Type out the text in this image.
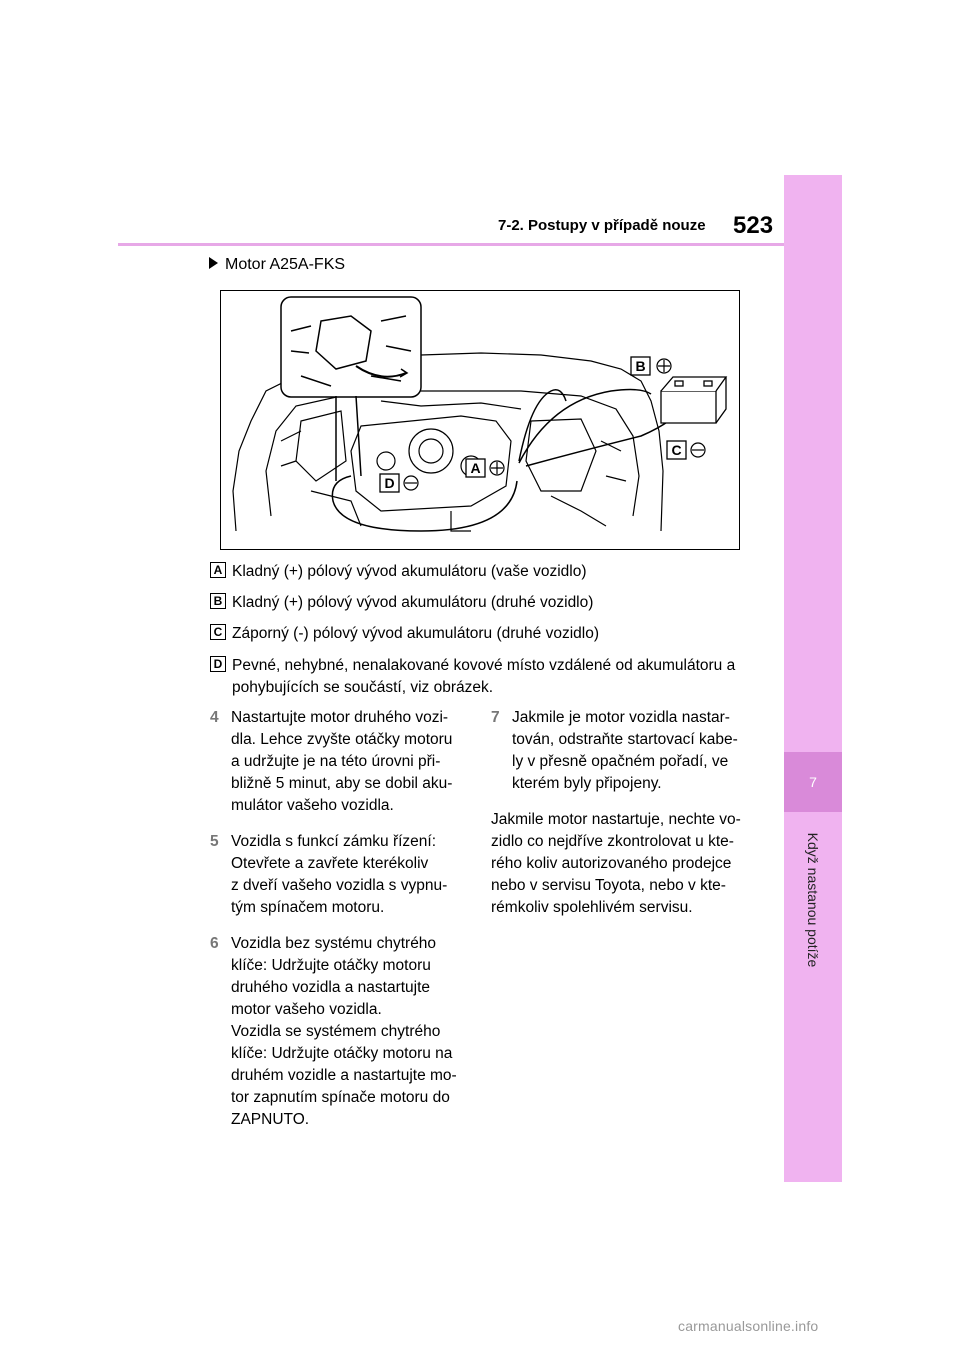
7
Když nastanou potíže
7-2. Postupy v případě nouze 523
Motor A25A-FKS
B
C
A
D
A Kladný (+) pólový vývod akumulátoru (vaše vozidlo)
B Kladný (+) pólový vývod akumulátoru (druhé vozidlo)
C Záporný (-) pólový vývod akumulátoru (druhé vozidlo)
D Pevné, nehybné, nenalakované kovové místo vzdálené od akumulátoru a pohybujících se součástí, viz obrázek.
4 Nastartujte motor druhého vozi-
dla. Lehce zvyšte otáčky motoru
a udržujte je na této úrovni při-
bližně 5 minut, aby se dobil aku-
mulátor vašeho vozidla.
5 Vozidla s funkcí zámku řízení:
Otevřete a zavřete kterékoliv
z dveří vašeho vozidla s vypnu-
tým spínačem motoru.
6 Vozidla bez systému chytrého
klíče: Udržujte otáčky motoru
druhého vozidla a nastartujte
motor vašeho vozidla.
Vozidla se systémem chytrého
klíče: Udržujte otáčky motoru na
druhém vozidle a nastartujte mo-
tor zapnutím spínače motoru do
ZAPNUTO.
7 Jakmile je motor vozidla nastar-
tován, odstraňte startovací kabe-
ly v přesně opačném pořadí, ve
kterém byly připojeny.
Jakmile motor nastartuje, nechte vo-
zidlo co nejdříve zkontrolovat u kte-
rého koliv autorizovaného prodejce
nebo v servisu Toyota, nebo v kte-
rémkoliv spolehlivém servisu.
carmanualsonline.info
